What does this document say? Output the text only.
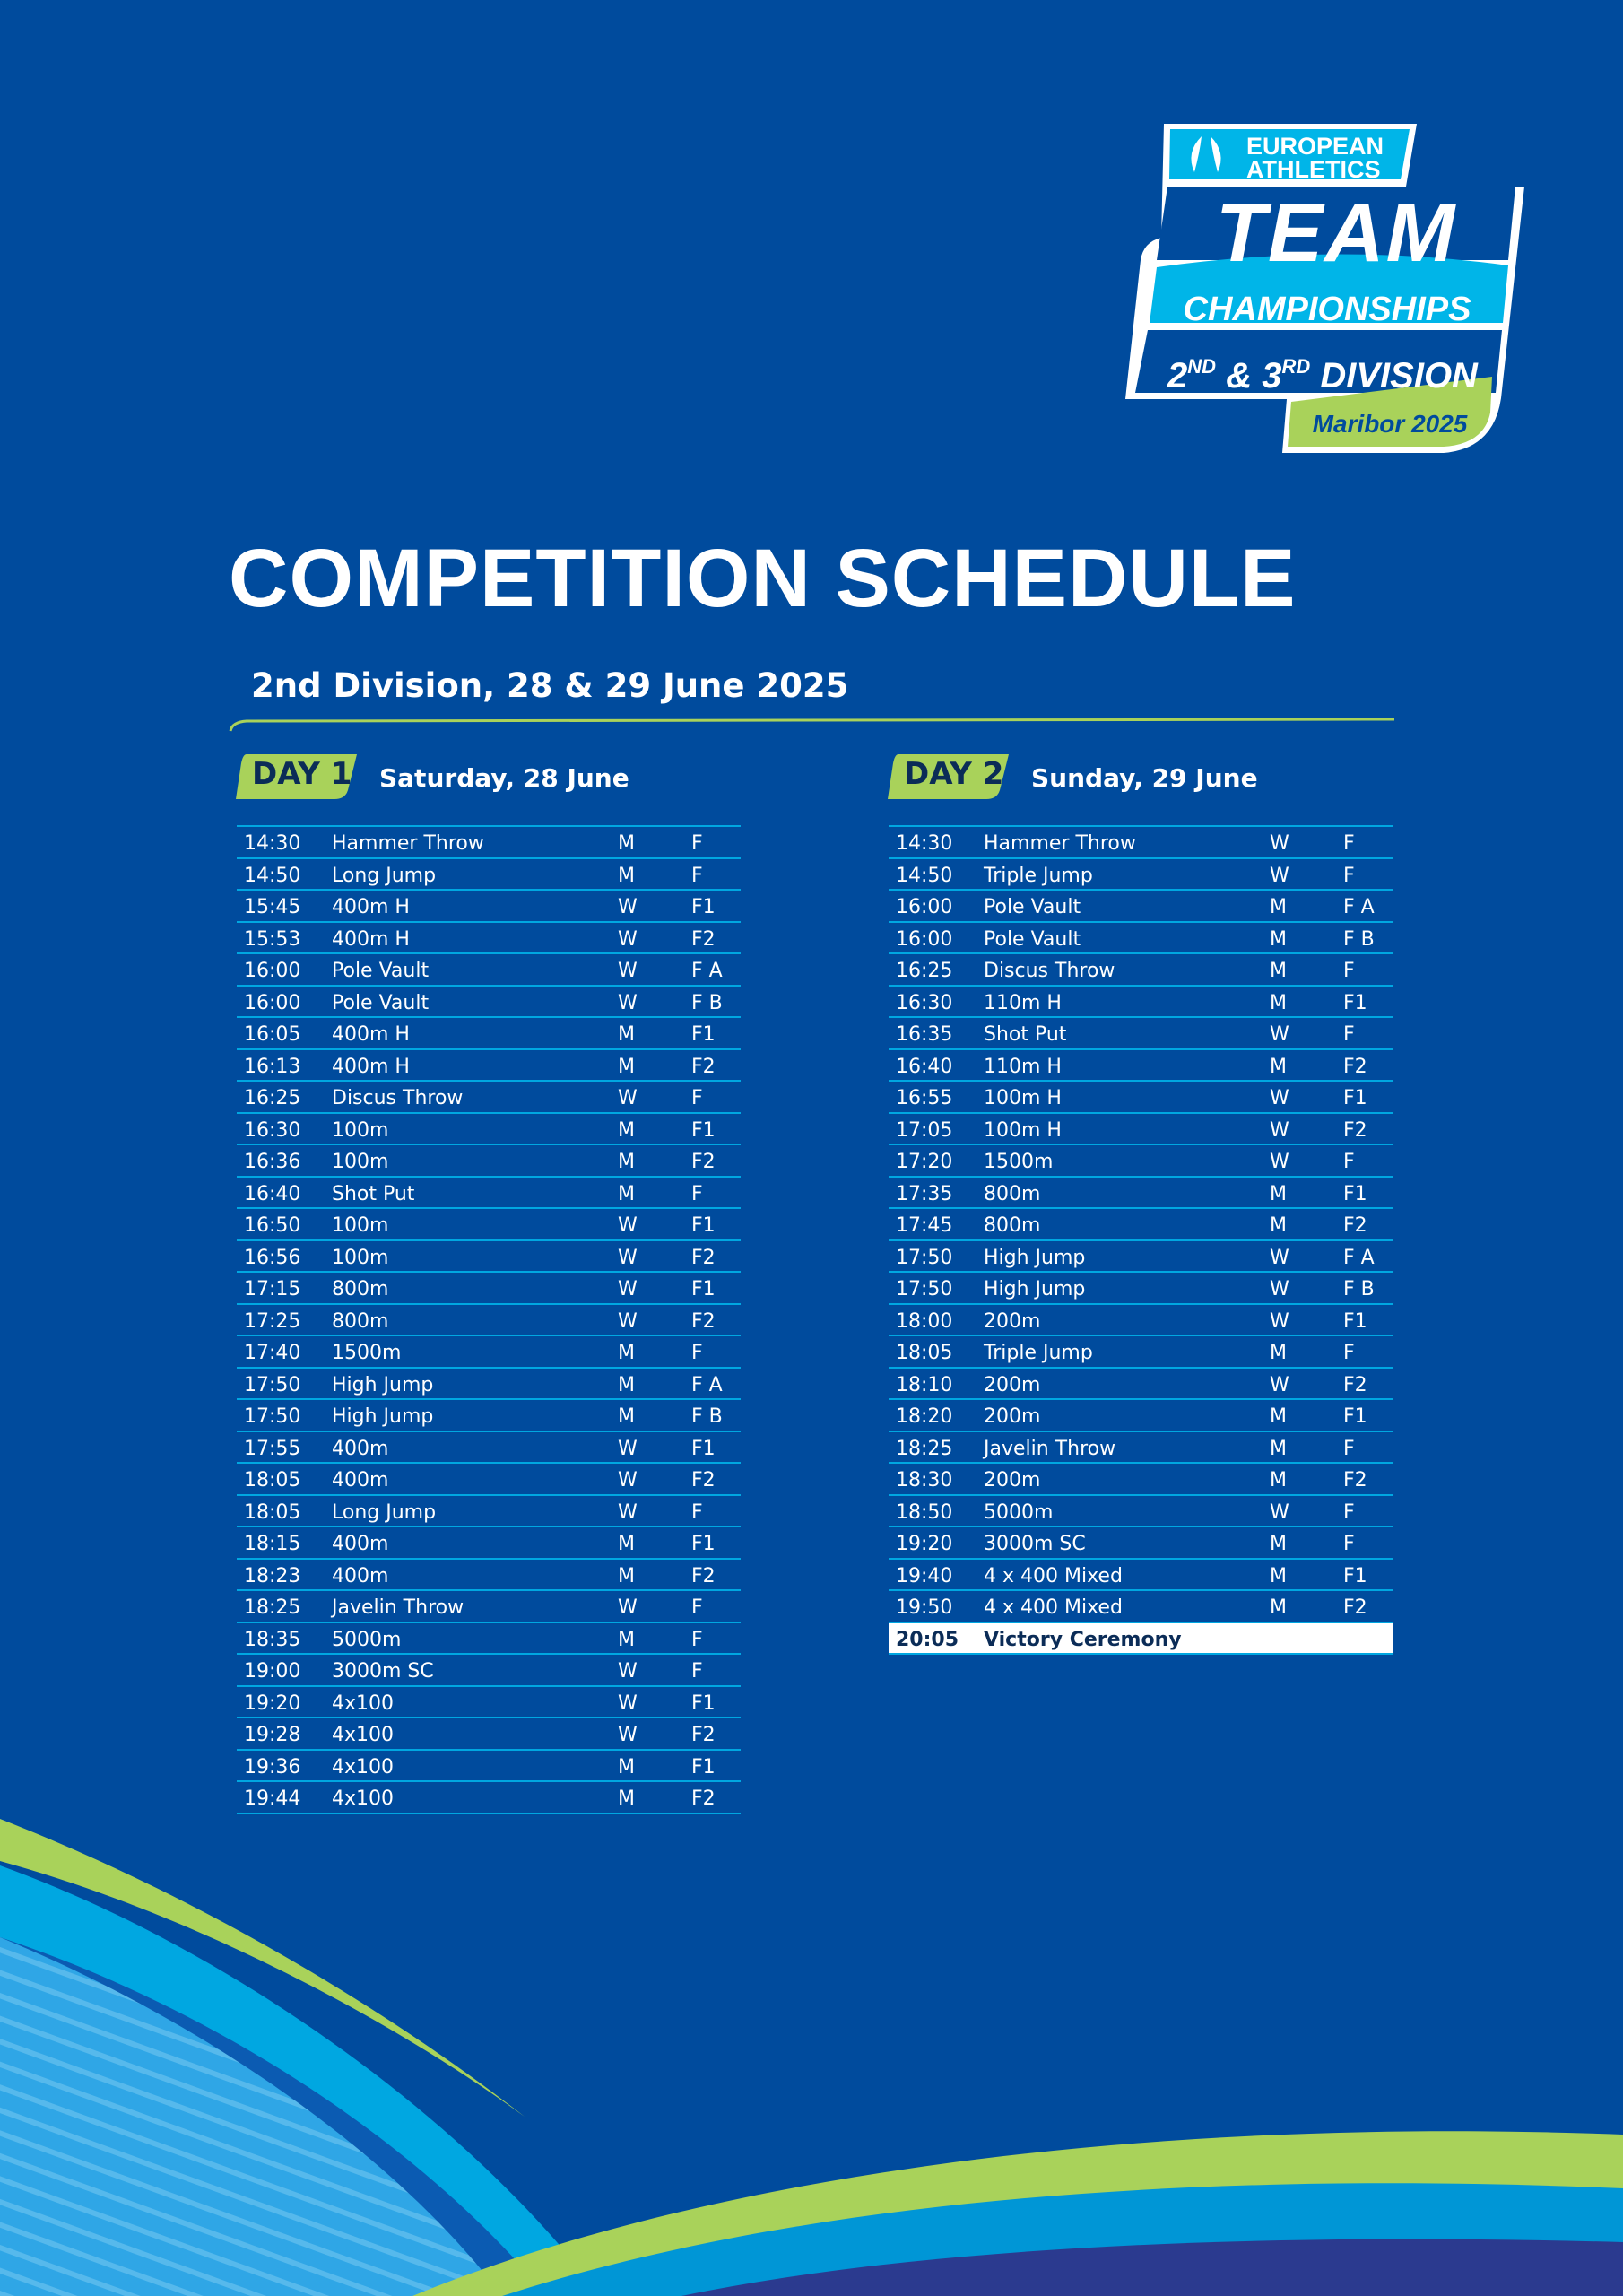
EUROPEAN
ATHLETICS
TEAM
CHAMPIONSHIPS
2ND & 3RD DIVISION
Maribor 2025
COMPETITION SCHEDULE
2nd Division, 28 & 29 June 2025
DAY 1	Saturday, 28 June	DAY 2	Sunday, 29 June
14:30 Hammer Throw	M	F
14:50 Long Jump	M	F
15:45 400m H	W	F1
15:53 400m H	W	F2
16:00 Pole Vault	W	F A
16:00 Pole Vault	W	F B
16:05 400m H	M	F1
16:13 400m H	M	F2
16:25 Discus Throw	W	F
16:30 100m	M	F1
16:36 100m	M	F2
16:40 Shot Put	M	F
16:50 100m	W	F1
16:56 100m	W	F2
17:15 800m	W	F1
17:25 800m	W	F2
17:40 1500m	M	F
17:50 High Jump	M	F A
17:50 High Jump	M	F B
17:55 400m	W	F1
18:05 400m	W	F2
18:05 Long Jump	W	F
18:15 400m	M	F1
18:23 400m	M	F2
18:25 Javelin Throw	W	F
18:35 5000m	M	F
19:00 3000m SC	W	F
19:20 4x100	W	F1
19:28 4x100	W	F2
19:36 4x100	M	F1
19:44 4x100	M	F2
14:30 Hammer Throw	W	F
14:50 Triple Jump	W	F
16:00 Pole Vault	M	F A
16:00 Pole Vault	M	F B
16:25 Discus Throw	M	F
16:30 110m H	M	F1
16:35 Shot Put	W	F
16:40 110m H	M	F2
16:55 100m H	W	F1
17:05 100m H	W	F2
17:20 1500m	W	F
17:35 800m	M	F1
17:45 800m	M	F2
17:50 High Jump	W	F A
17:50 High Jump	W	F B
18:00 200m	W	F1
18:05 Triple Jump	M	F
18:10 200m	W	F2
18:20 200m	M	F1
18:25 Javelin Throw	M	F
18:30 200m	M	F2
18:50 5000m	W	F
19:20 3000m SC	M	F
19:40 4 x 400 Mixed	M	F1
19:50 4 x 400 Mixed	M	F2
20:05 Victory Ceremony
